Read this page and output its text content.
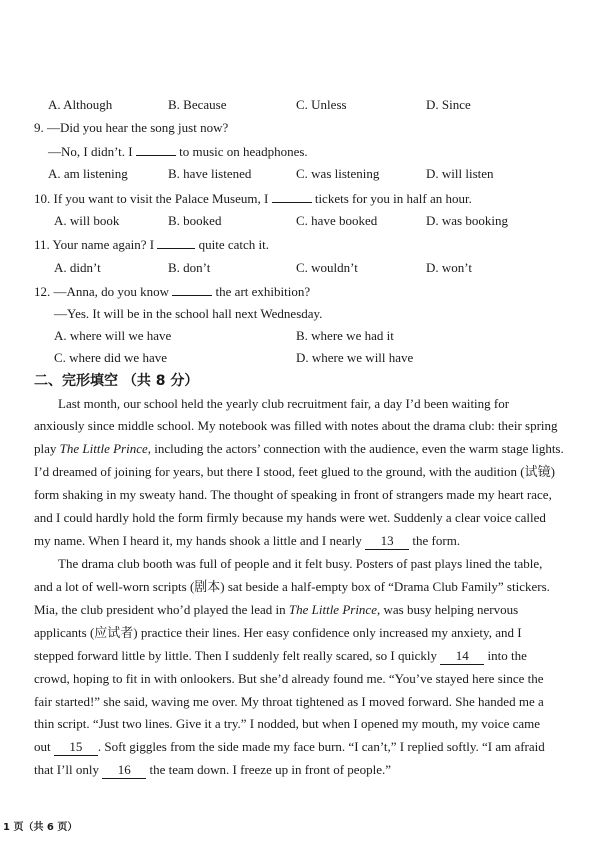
A. Although	B. Because	C. Unless	D. Since
9. —Did you hear the song just now?
—No, I didn’t. I	to music on headphones.
A. am listening	B. have listened	C. was listening	D. will listen
10. If you want to visit the Palace Museum, I	tickets for you in half an hour.
A. will book	B. booked	C. have booked	D. was booking
11. Your name again? I	quite catch it.
A. didn’t	B. don’t	C. wouldn’t	D. won’t
12. —Anna, do you know	the art exhibition?
—Yes. It will be in the school hall next Wednesday.
A. where will we have	B. where we had it
C. where did we have	D. where we will have
二、完形填空 （共 8 分）
Last month, our school held the yearly club recruitment fair, a day I’d been waiting for
anxiously since middle school. My notebook was filled with notes about the drama club: their spring
play The Little Prince, including the actors’ connection with the audience, even the warm stage lights.
I’d dreamed of joining for years, but there I stood, feet glued to the ground, with the audition (试镜)
form shaking in my sweaty hand. The thought of speaking in front of strangers made my heart race,
and I could hardly hold the form firmly because my hands were wet. Suddenly a clear voice called
my name. When I heard it, my hands shook a little and I nearly 13 the form.
The drama club booth was full of people and it felt busy. Posters of past plays lined the table,
and a lot of well-worn scripts (剧本) sat beside a half-empty box of “Drama Club Family” stickers.
Mia, the club president who’d played the lead in The Little Prince, was busy helping nervous
applicants (应试者) practice their lines. Her easy confidence only increased my anxiety, and I
stepped forward little by little. Then I suddenly felt really scared, so I quickly 14 into the
crowd, hoping to fit in with onlookers. But she’d already found me. “You’ve stayed here since the
fair started!” she said, waving me over. My throat tightened as I moved forward. She handed me a
thin script. “Just two lines. Give it a try.” I nodded, but when I opened my mouth, my voice came
out 15 . Soft giggles from the side made my face burn. “I can’t,” I replied softly. “I am afraid
that I’ll only 16 the team down. I freeze up in front of people.”
1 页（共 6 页）
